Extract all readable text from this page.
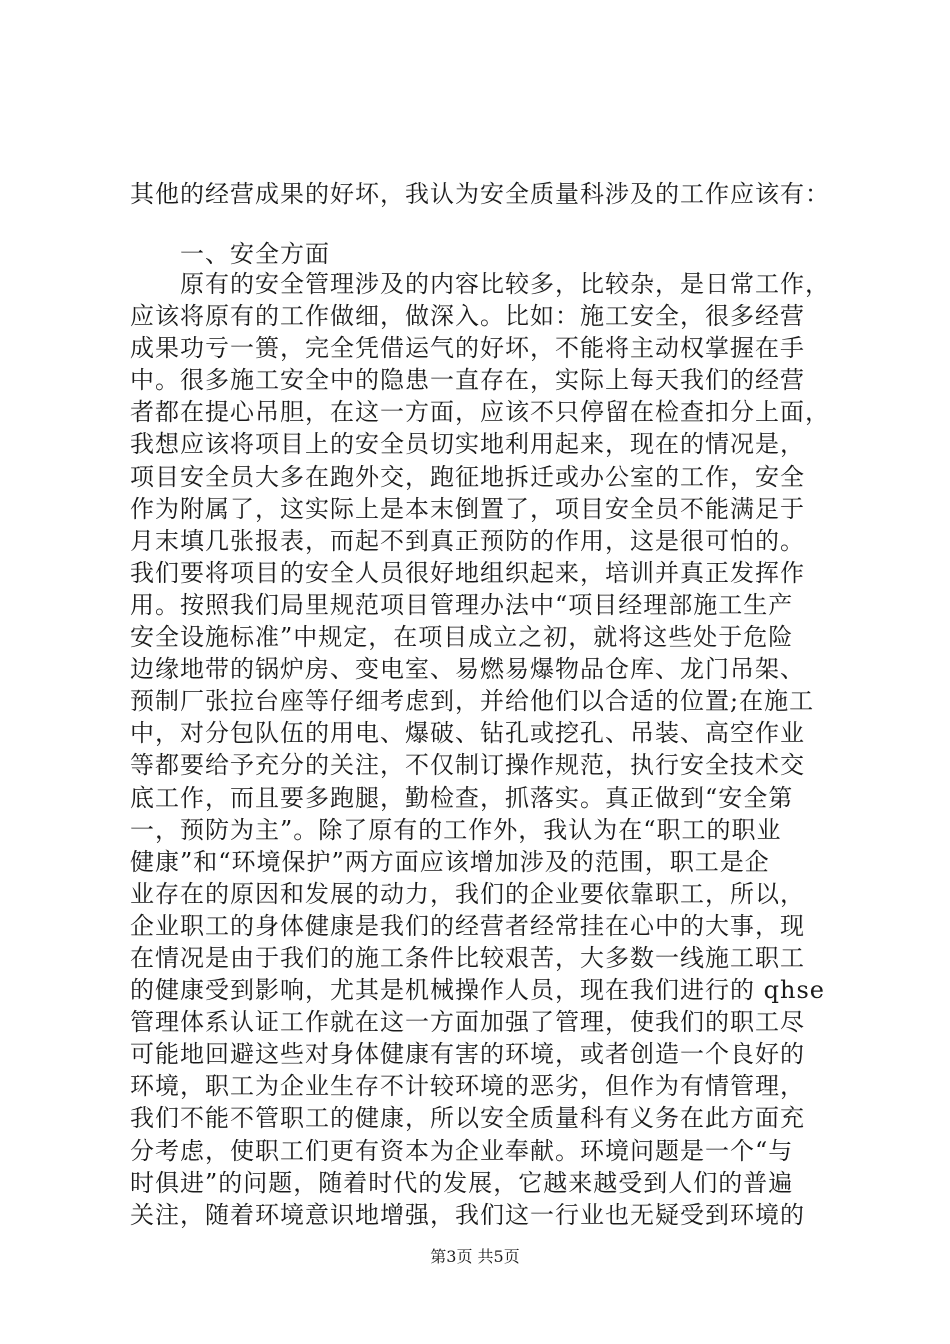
其他的经营成果的好坏，我认为安全质量科涉及的工作应该有：
一、安全方面
原有的安全管理涉及的内容比较多，比较杂，是日常工作，
应该将原有的工作做细，做深入。比如：施工安全，很多经营
成果功亏一篑，完全凭借运气的好坏，不能将主动权掌握在手
中。很多施工安全中的隐患一直存在，实际上每天我们的经营
者都在提心吊胆，在这一方面，应该不只停留在检查扣分上面，
我想应该将项目上的安全员切实地利用起来，现在的情况是，
项目安全员大多在跑外交，跑征地拆迁或办公室的工作，安全
作为附属了，这实际上是本末倒置了，项目安全员不能满足于
月末填几张报表，而起不到真正预防的作用，这是很可怕的。
我们要将项目的安全人员很好地组织起来，培训并真正发挥作
用。按照我们局里规范项目管理办法中“项目经理部施工生产
安全设施标准”中规定，在项目成立之初，就将这些处于危险
边缘地带的锅炉房、变电室、易燃易爆物品仓库、龙门吊架、
预制厂张拉台座等仔细考虑到，并给他们以合适的位置;在施工
中，对分包队伍的用电、爆破、钻孔或挖孔、吊装、高空作业
等都要给予充分的关注，不仅制订操作规范，执行安全技术交
底工作，而且要多跑腿，勤检查，抓落实。真正做到“安全第
一，预防为主”。除了原有的工作外，我认为在“职工的职业
健康”和“环境保护”两方面应该增加涉及的范围，职工是企
业存在的原因和发展的动力，我们的企业要依靠职工，所以，
企业职工的身体健康是我们的经营者经常挂在心中的大事，现
在情况是由于我们的施工条件比较艰苦，大多数一线施工职工
的健康受到影响，尤其是机械操作人员，现在我们进行的 qhse
管理体系认证工作就在这一方面加强了管理，使我们的职工尽
可能地回避这些对身体健康有害的环境，或者创造一个良好的
环境，职工为企业生存不计较环境的恶劣，但作为有情管理，
我们不能不管职工的健康，所以安全质量科有义务在此方面充
分考虑，使职工们更有资本为企业奉献。环境问题是一个“与
时俱进”的问题，随着时代的发展，它越来越受到人们的普遍
关注，随着环境意识地增强，我们这一行业也无疑受到环境的
第3页 共5页
